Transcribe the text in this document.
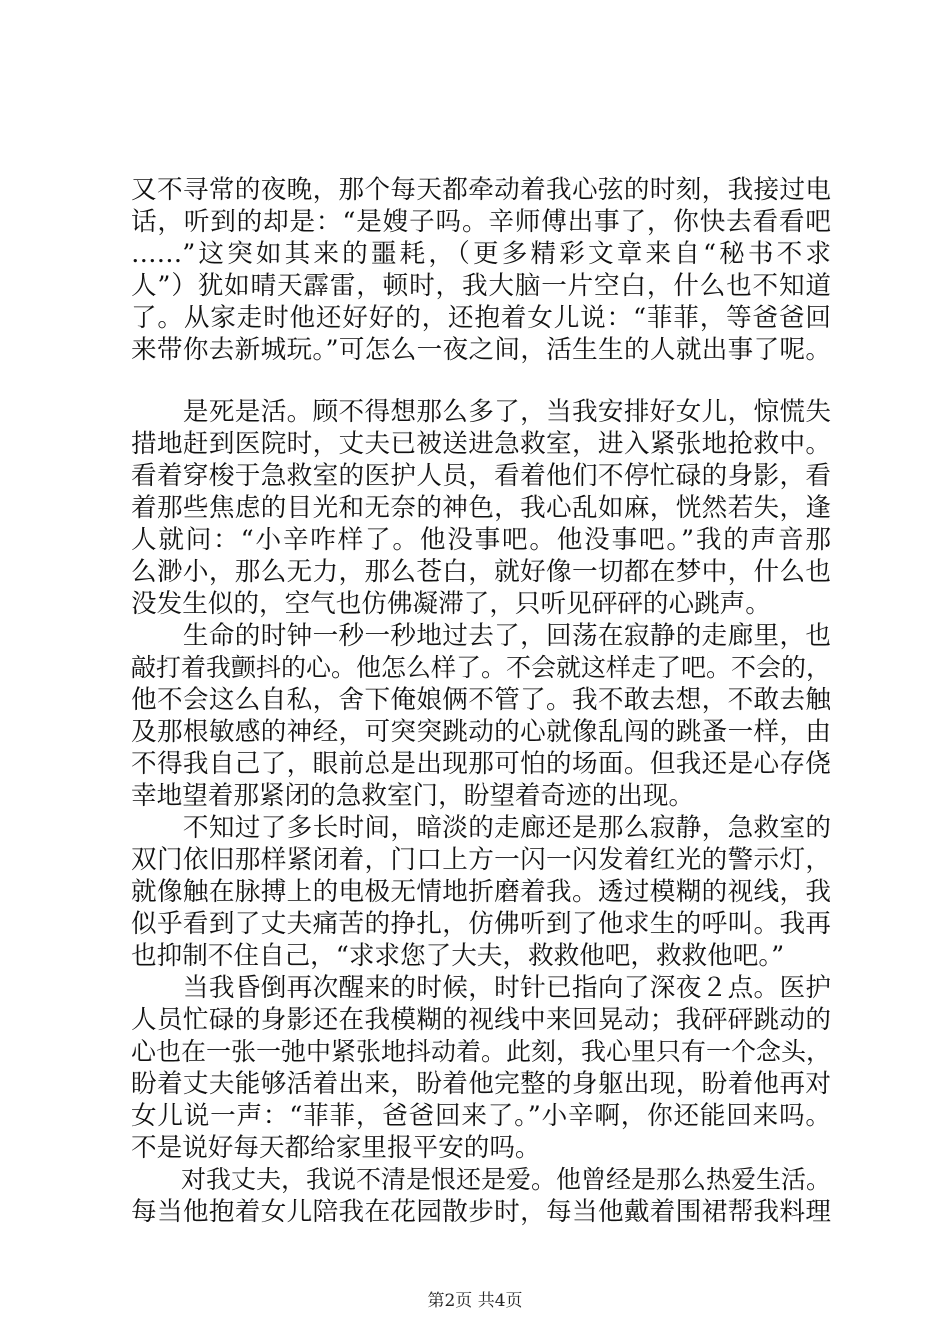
又不寻常的夜晚，那个每天都牵动着我心弦的时刻，我接过电
话，听到的却是：“是嫂子吗。辛师傅出事了，你快去看看吧
……”这突如其来的噩耗，（更多精彩文章来自“秘书不求
人”）犹如晴天霹雷，顿时，我大脑一片空白，什么也不知道
了。从家走时他还好好的，还抱着女儿说：“菲菲，等爸爸回
来带你去新城玩。”可怎么一夜之间，活生生的人就出事了呢。
　　是死是活。顾不得想那么多了，当我安排好女儿，惊慌失
措地赶到医院时，丈夫已被送进急救室，进入紧张地抢救中。
看着穿梭于急救室的医护人员，看着他们不停忙碌的身影，看
着那些焦虑的目光和无奈的神色，我心乱如麻，恍然若失，逢
人就问：“小辛咋样了。他没事吧。他没事吧。”我的声音那
么渺小，那么无力，那么苍白，就好像一切都在梦中，什么也
没发生似的，空气也仿佛凝滞了，只听见砰砰的心跳声。
　　生命的时钟一秒一秒地过去了，回荡在寂静的走廊里，也
敲打着我颤抖的心。他怎么样了。不会就这样走了吧。不会的，
他不会这么自私，舍下俺娘俩不管了。我不敢去想，不敢去触
及那根敏感的神经，可突突跳动的心就像乱闯的跳蚤一样，由
不得我自己了，眼前总是出现那可怕的场面。但我还是心存侥
幸地望着那紧闭的急救室门，盼望着奇迹的出现。
　　不知过了多长时间，暗淡的走廊还是那么寂静，急救室的
双门依旧那样紧闭着，门口上方一闪一闪发着红光的警示灯，
就像触在脉搏上的电极无情地折磨着我。透过模糊的视线，我
似乎看到了丈夫痛苦的挣扎，仿佛听到了他求生的呼叫。我再
也抑制不住自己，“求求您了大夫，救救他吧，救救他吧。”
　　当我昏倒再次醒来的时候，时针已指向了深夜２点。医护
人员忙碌的身影还在我模糊的视线中来回晃动；我砰砰跳动的
心也在一张一弛中紧张地抖动着。此刻，我心里只有一个念头，
盼着丈夫能够活着出来，盼着他完整的身躯出现，盼着他再对
女儿说一声：“菲菲，爸爸回来了。”小辛啊，你还能回来吗。
不是说好每天都给家里报平安的吗。
　　对我丈夫，我说不清是恨还是爱。他曾经是那么热爱生活。
每当他抱着女儿陪我在花园散步时，每当他戴着围裙帮我料理
第2页 共4页
